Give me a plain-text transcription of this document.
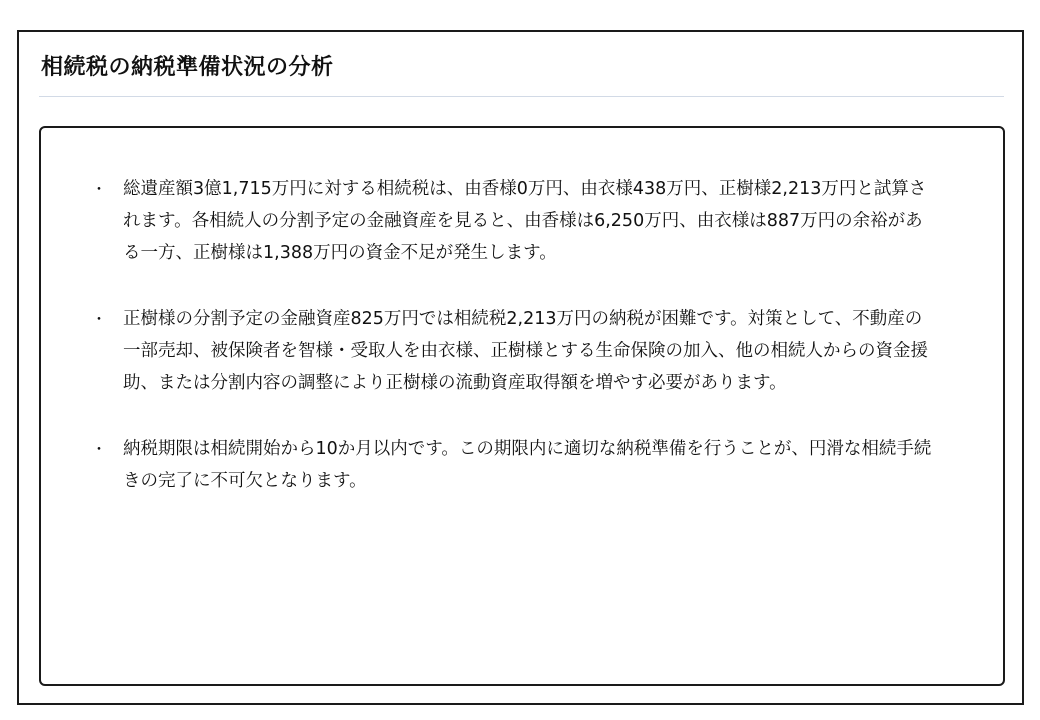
相続税の納税準備状況の分析
・ 総遺産額3億1,715万円に対する相続税は、由香様0万円、由衣様438万円、正樹様2,213万円と試算されます。各相続人の分割予定の金融資産を見ると、由香様は6,250万円、由衣様は887万円の余裕がある一方、正樹様は1,388万円の資金不足が発生します。
・ 正樹様の分割予定の金融資産825万円では相続税2,213万円の納税が困難です。対策として、不動産の一部売却、被保険者を智様・受取人を由衣様、正樹様とする生命保険の加入、他の相続人からの資金援助、または分割内容の調整により正樹様の流動資産取得額を増やす必要があります。
・ 納税期限は相続開始から10か月以内です。この期限内に適切な納税準備を行うことが、円滑な相続手続きの完了に不可欠となります。
